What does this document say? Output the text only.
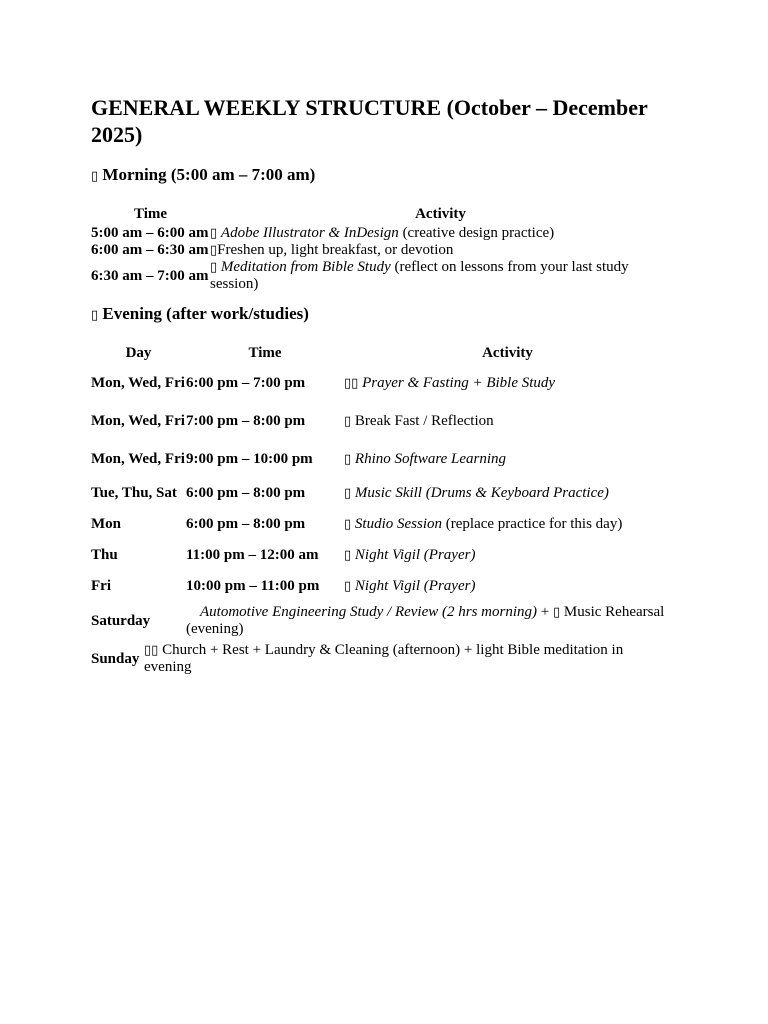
GENERAL WEEKLY STRUCTURE (October – December 2025)
▯ Morning (5:00 am – 7:00 am)
Time	Activity
5:00 am – 6:00 am	▯ Adobe Illustrator & InDesign (creative design practice)
6:00 am – 6:30 am	▯Freshen up, light breakfast, or devotion
6:30 am – 7:00 am	▯ Meditation from Bible Study (reflect on lessons from your last study session)
▯ Evening (after work/studies)
Day	Time	Activity
Mon, Wed, Fri	6:00 pm – 7:00 pm	▯▯ Prayer & Fasting + Bible Study
Mon, Wed, Fri	7:00 pm – 8:00 pm	▯ Break Fast / Reflection
Mon, Wed, Fri	9:00 pm – 10:00 pm	▯ Rhino Software Learning
Tue, Thu, Sat	6:00 pm – 8:00 pm	▯ Music Skill (Drums & Keyboard Practice)
Mon	6:00 pm – 8:00 pm	▯ Studio Session (replace practice for this day)
Thu	11:00 pm – 12:00 am	▯ Night Vigil (Prayer)
Fri	10:00 pm – 11:00 pm	▯ Night Vigil (Prayer)
Saturday	Automotive Engineering Study / Review (2 hrs morning) + ▯ Music Rehearsal (evening)	
Sunday	▯▯ Church + Rest + Laundry & Cleaning (afternoon) + light Bible meditation in evening
